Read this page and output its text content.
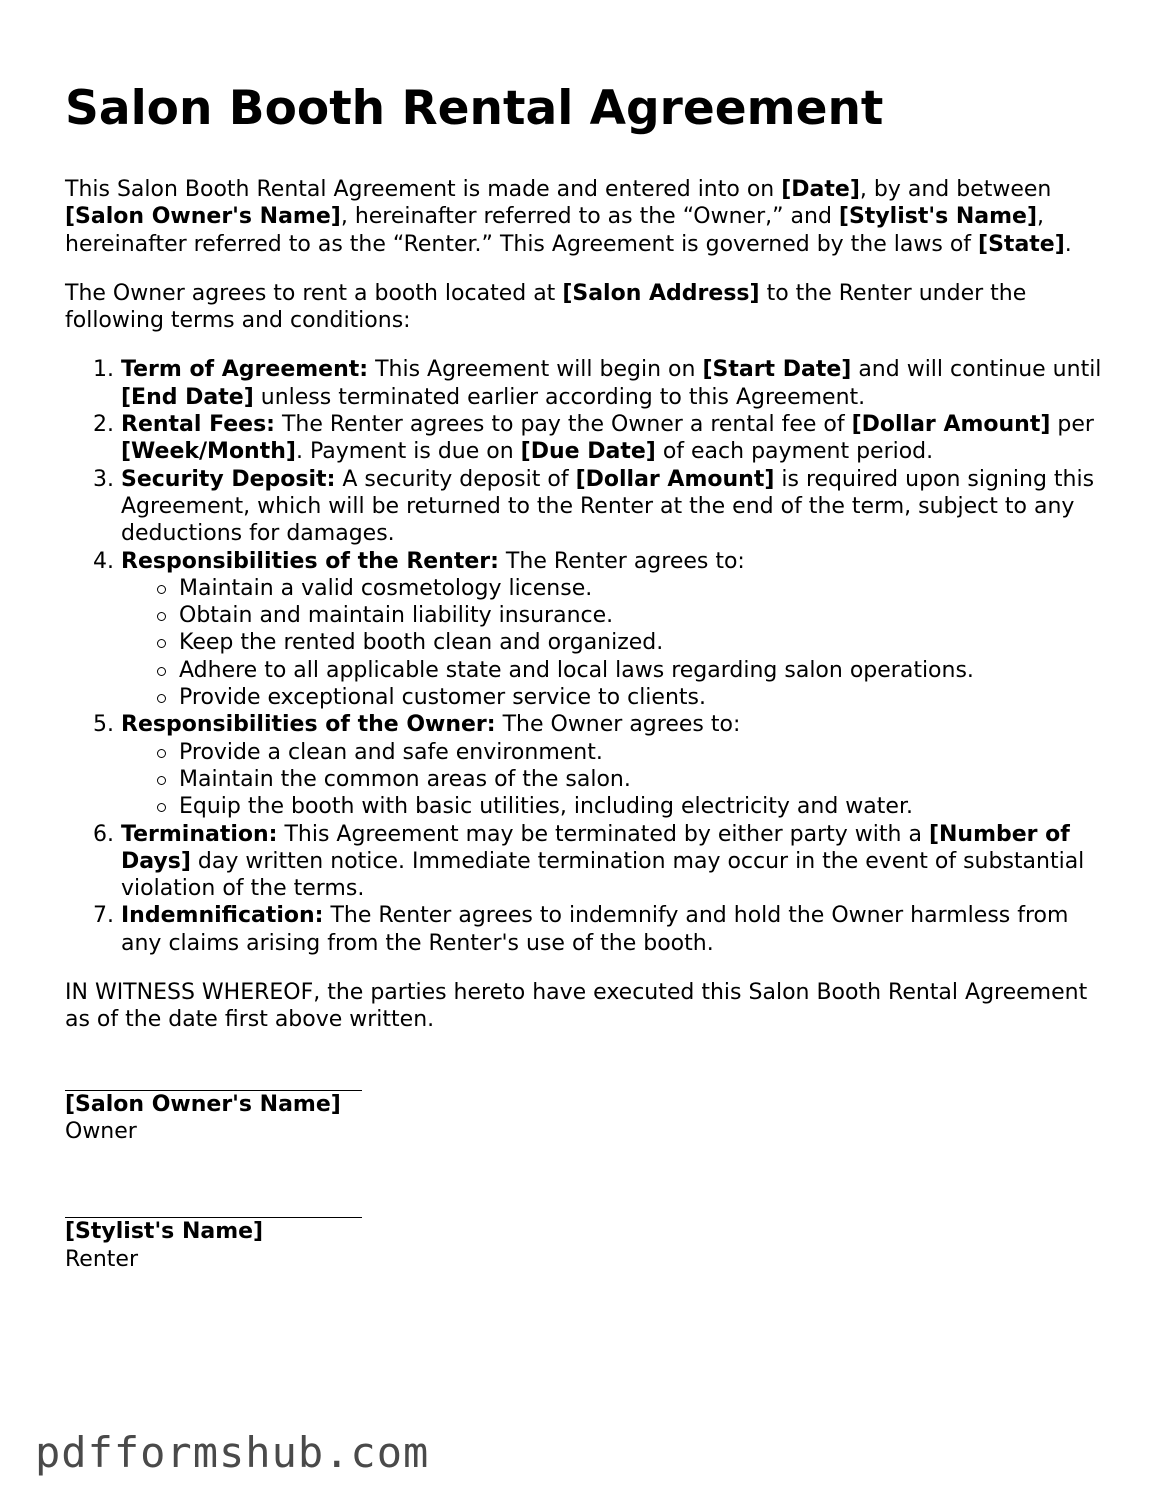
Salon Booth Rental Agreement

This Salon Booth Rental Agreement is made and entered into on [Date], by and between [Salon Owner's Name], hereinafter referred to as the “Owner,” and [Stylist's Name], hereinafter referred to as the “Renter.” This Agreement is governed by the laws of [State].

The Owner agrees to rent a booth located at [Salon Address] to the Renter under the following terms and conditions:

1. Term of Agreement: This Agreement will begin on [Start Date] and will continue until [End Date] unless terminated earlier according to this Agreement.
2. Rental Fees: The Renter agrees to pay the Owner a rental fee of [Dollar Amount] per [Week/Month]. Payment is due on [Due Date] of each payment period.
3. Security Deposit: A security deposit of [Dollar Amount] is required upon signing this Agreement, which will be returned to the Renter at the end of the term, subject to any deductions for damages.
4. Responsibilities of the Renter: The Renter agrees to:
Maintain a valid cosmetology license.
Obtain and maintain liability insurance.
Keep the rented booth clean and organized.
Adhere to all applicable state and local laws regarding salon operations.
Provide exceptional customer service to clients.
5. Responsibilities of the Owner: The Owner agrees to:
Provide a clean and safe environment.
Maintain the common areas of the salon.
Equip the booth with basic utilities, including electricity and water.
6. Termination: This Agreement may be terminated by either party with a [Number of Days] day written notice. Immediate termination may occur in the event of substantial violation of the terms.
7. Indemnification: The Renter agrees to indemnify and hold the Owner harmless from any claims arising from the Renter's use of the booth.

IN WITNESS WHEREOF, the parties hereto have executed this Salon Booth Rental Agreement as of the date first above written.

[Salon Owner's Name]
Owner
[Stylist's Name]
Renter
pdfformshub.com
